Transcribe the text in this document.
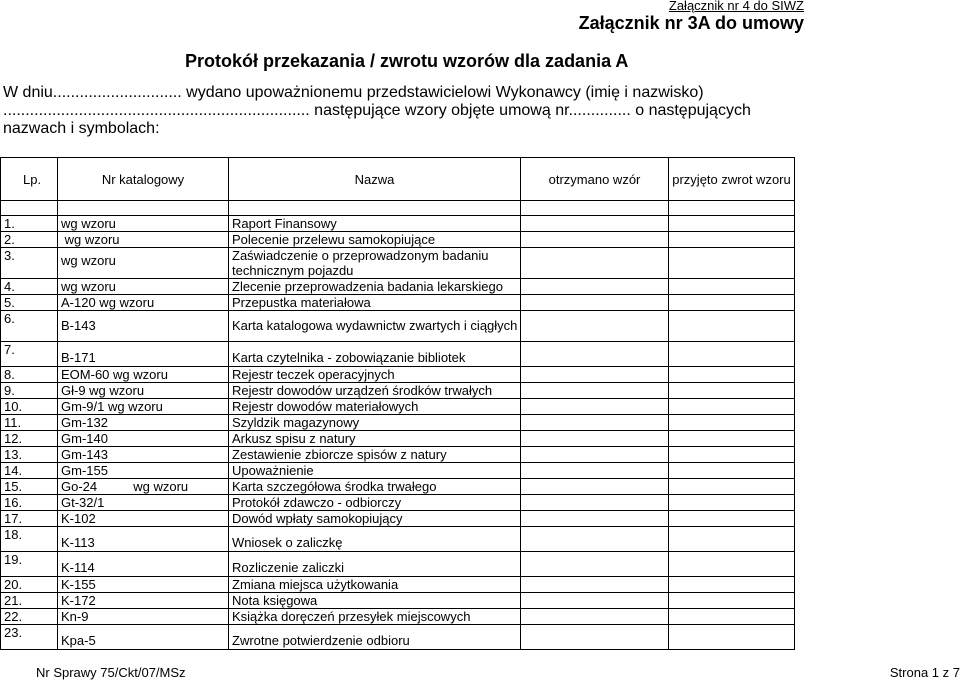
Załącznik nr 4 do SIWZ
Załącznik nr 3A do umowy
Protokół przekazania / zwrotu wzorów dla zadania A
W dniu............................. wydano upoważnionemu przedstawicielowi Wykonawcy (imię i nazwisko)
..................................................................... następujące wzory objęte umową nr.............. o następujących
nazwach i symbolach:
Lp.	Nr katalogowy	Nazwa	otrzymano wzór	przyjęto zwrot wzoru

1.	wg wzoru	Raport Finansowy		

2.	wg wzoru	Polecenie przelewu samokopiujące		

3.	wg wzoru	Zaświadczenie o przeprowadzonym badaniu technicznym pojazdu		

4.	wg wzoru	Zlecenie przeprowadzenia badania lekarskiego		

5.	A-120 wg wzoru	Przepustka materiałowa		

6.	B-143	Karta katalogowa wydawnictw zwartych i ciągłych		

7.	B-171	Karta czytelnika - zobowiązanie bibliotek		

8.	EOM-60 wg wzoru	Rejestr teczek operacyjnych		

9.	Gł-9 wg wzoru	Rejestr dowodów urządzeń środków trwałych		

10.	Gm-9/1 wg wzoru	Rejestr dowodów materiałowych		

11.	Gm-132	Szyldzik magazynowy		

12.	Gm-140	Arkusz spisu z natury		

13.	Gm-143	Zestawienie zbiorcze spisów z natury		

14.	Gm-155	Upoważnienie		

15.	Go-24          wg wzoru	Karta szczegółowa środka trwałego		

16.	Gt-32/1	Protokół zdawczo - odbiorczy		

17.	K-102	Dowód wpłaty samokopiujący		

18.	K-113	Wniosek o zaliczkę		

19.	K-114	Rozliczenie zaliczki		

20.	K-155	Zmiana miejsca użytkowania		

21.	K-172	Nota księgowa		

22.	Kn-9	Książka doręczeń przesyłek miejscowych		

23.	Kpa-5	Zwrotne potwierdzenie odbioru		

Nr Sprawy 75/Ckt/07/MSz	Strona 1 z 7
